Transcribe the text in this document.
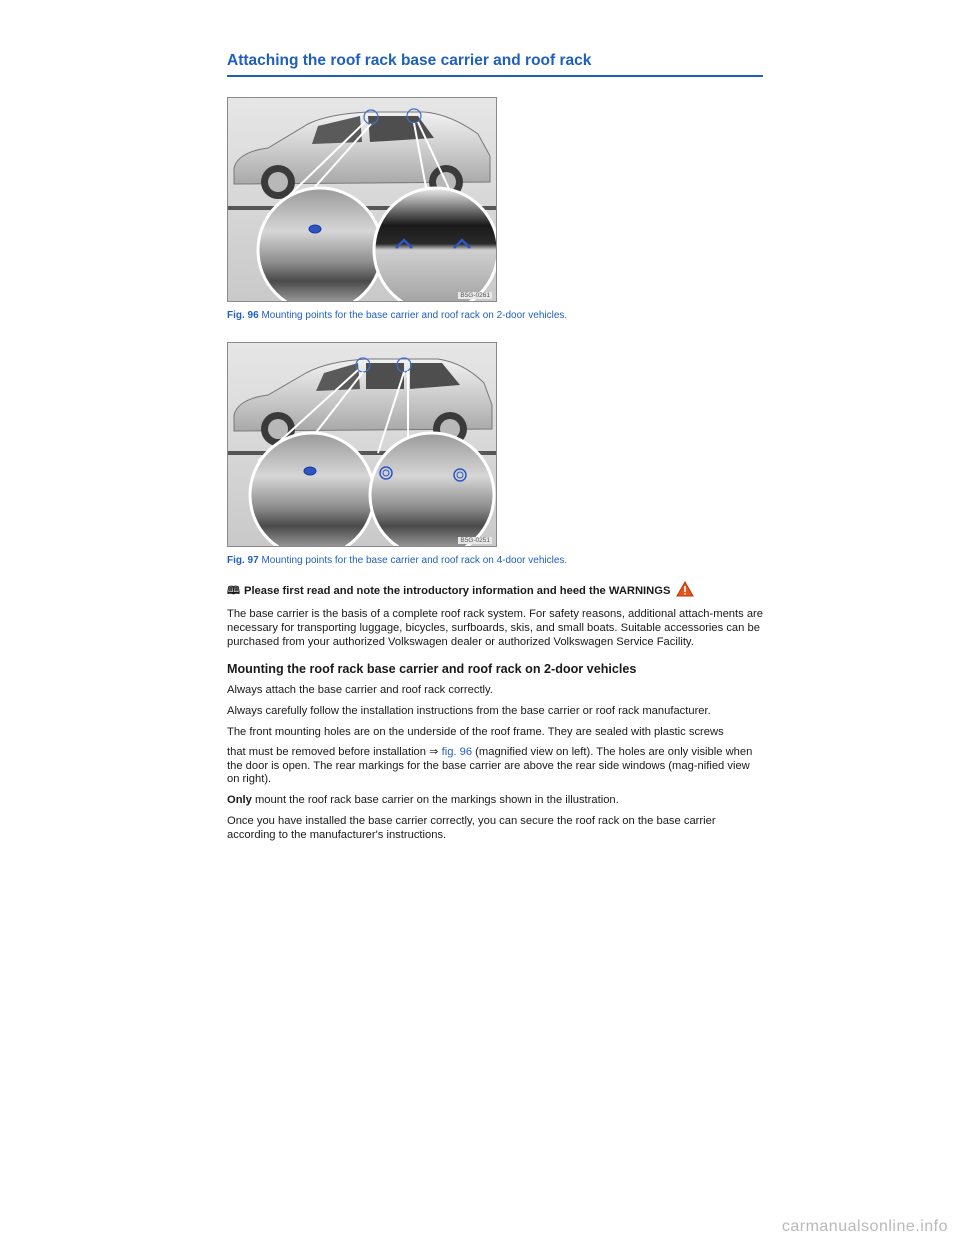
Attaching the roof rack base carrier and roof rack
B5G-0261
Fig. 96 Mounting points for the base carrier and roof rack on 2-door vehicles.
B5G-0251
Fig. 97 Mounting points for the base carrier and roof rack on 4-door vehicles.
🕮 Please first read and note the introductory information and heed the WARNINGS

The base carrier is the basis of a complete roof rack system. For safety reasons, additional attach-ments are necessary for transporting luggage, bicycles, surfboards, skis, and small boats. Suitable accessories can be purchased from your authorized Volkswagen dealer or authorized Volkswagen Service Facility.

Mounting the roof rack base carrier and roof rack on 2-door vehicles

Always attach the base carrier and roof rack correctly.

Always carefully follow the installation instructions from the base carrier or roof rack manufacturer.

The front mounting holes are on the underside of the roof frame. They are sealed with plastic screws

that must be removed before installation ⇒ fig. 96 (magnified view on left). The holes are only visible when the door is open. The rear markings for the base carrier are above the rear side windows (mag-nified view on right).

Only mount the roof rack base carrier on the markings shown in the illustration.

Once you have installed the base carrier correctly, you can secure the roof rack on the base carrier according to the manufacturer's instructions.

carmanualsonline.info
